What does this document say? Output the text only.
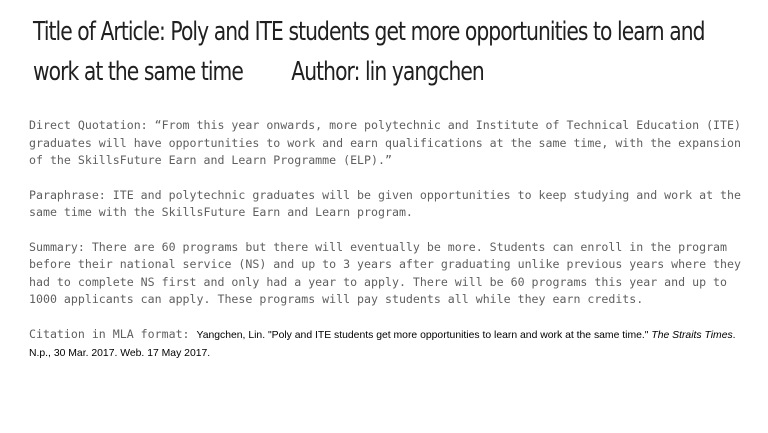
Title of Article: Poly and ITE students get more opportunities to learn and
work at the same time Author: lin yangchen

Direct Quotation: “From this year onwards, more polytechnic and Institute of Technical Education (ITE) graduates will have opportunities to work and earn qualifications at the same time, with the expansion of the SkillsFuture Earn and Learn Programme (ELP).”

Paraphrase: ITE and polytechnic graduates will be given opportunities to keep studying and work at the same time with the SkillsFuture Earn and Learn program.

Summary: There are 60 programs but there will eventually be more. Students can enroll in the program before their national service (NS) and up to 3 years after graduating unlike previous years where they had to complete NS first and only had a year to apply. There will be 60 programs this year and up to 1000 applicants can apply. These programs will pay students all while they earn credits.

Citation in MLA format: Yangchen, Lin. "Poly and ITE students get more opportunities to learn and work at the same time." The Straits Times. N.p., 30 Mar. 2017. Web. 17 May 2017.
